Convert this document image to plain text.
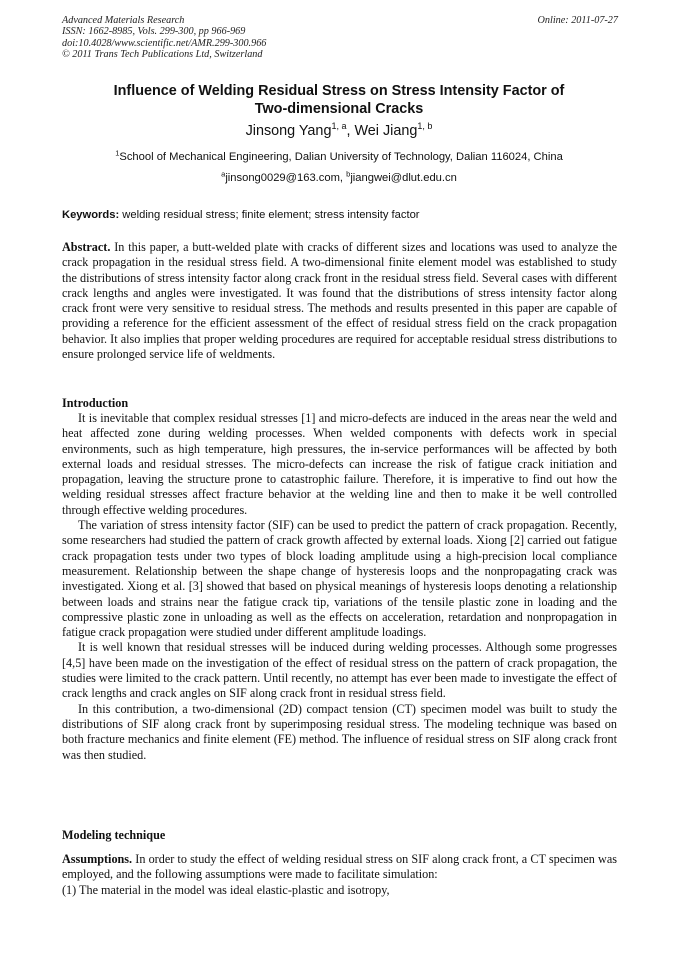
Advanced Materials Research
ISSN: 1662-8985, Vols. 299-300, pp 966-969
doi:10.4028/www.scientific.net/AMR.299-300.966
© 2011 Trans Tech Publications Ltd, Switzerland
Online: 2011-07-27
Influence of Welding Residual Stress on Stress Intensity Factor of
Two-dimensional Cracks
Jinsong Yang$^{1, a}$, Wei Jiang$^{1, b}$
$^1$School of Mechanical Engineering, Dalian University of Technology, Dalian 116024, China
$^a$jinsong0029@163.com, $^b$jiangwei@dlut.edu.cn
Keywords: welding residual stress; finite element; stress intensity factor

Abstract. In this paper, a butt-welded plate with cracks of different sizes and locations was used to analyze the crack propagation in the residual stress field. A two-dimensional finite element model was established to study the distributions of stress intensity factor along crack front in the residual stress field. Several cases with different crack lengths and angles were investigated. It was found that the distributions of stress intensity factor along crack front were very sensitive to residual stress. The methods and results presented in this paper are capable of providing a reference for the efficient assessment of the effect of residual stress field on the crack propagation behavior. It also implies that proper welding procedures are required for acceptable residual stress distributions to ensure prolonged service life of weldments.

Introduction

It is inevitable that complex residual stresses [1] and micro-defects are induced in the areas near the weld and heat affected zone during welding processes. When welded components with defects work in special environments, such as high temperature, high pressures, the in-service performances will be affected by both external loads and residual stresses. The micro-defects can increase the risk of fatigue crack initiation and propagation, leaving the structure prone to catastrophic failure. Therefore, it is imperative to find out how the welding residual stresses affect fracture behavior at the welding line and then to make it be well controlled through effective welding procedures.

The variation of stress intensity factor (SIF) can be used to predict the pattern of crack propagation. Recently, some researchers had studied the pattern of crack growth affected by external loads. Xiong [2] carried out fatigue crack propagation tests under two types of block loading amplitude using a high-precision local compliance measurement. Relationship between the shape change of hysteresis loops and the nonpropagating crack was investigated. Xiong et al. [3] showed that based on physical meanings of hysteresis loops denoting a relationship between loads and strains near the fatigue crack tip, variations of the tensile plastic zone in loading and the compressive plastic zone in unloading as well as the effects on acceleration, retardation and nonpropagation in fatigue crack propagation were studied under different amplitude loadings.

It is well known that residual stresses will be induced during welding processes. Although some progresses [4,5] have been made on the investigation of the effect of residual stress on the pattern of crack propagation, the studies were limited to the crack pattern. Until recently, no attempt has ever been made to investigate the effect of crack lengths and crack angles on SIF along crack front in residual stress field.

In this contribution, a two-dimensional (2D) compact tension (CT) specimen model was built to study the distributions of SIF along crack front by superimposing residual stress. The modeling technique was based on both fracture mechanics and finite element (FE) method. The influence of residual stress on SIF along crack front was then studied.

Modeling technique

Assumptions. In order to study the effect of welding residual stress on SIF along crack front, a CT specimen was employed, and the following assumptions were made to facilitate simulation:

(1) The material in the model was ideal elastic-plastic and isotropy,
